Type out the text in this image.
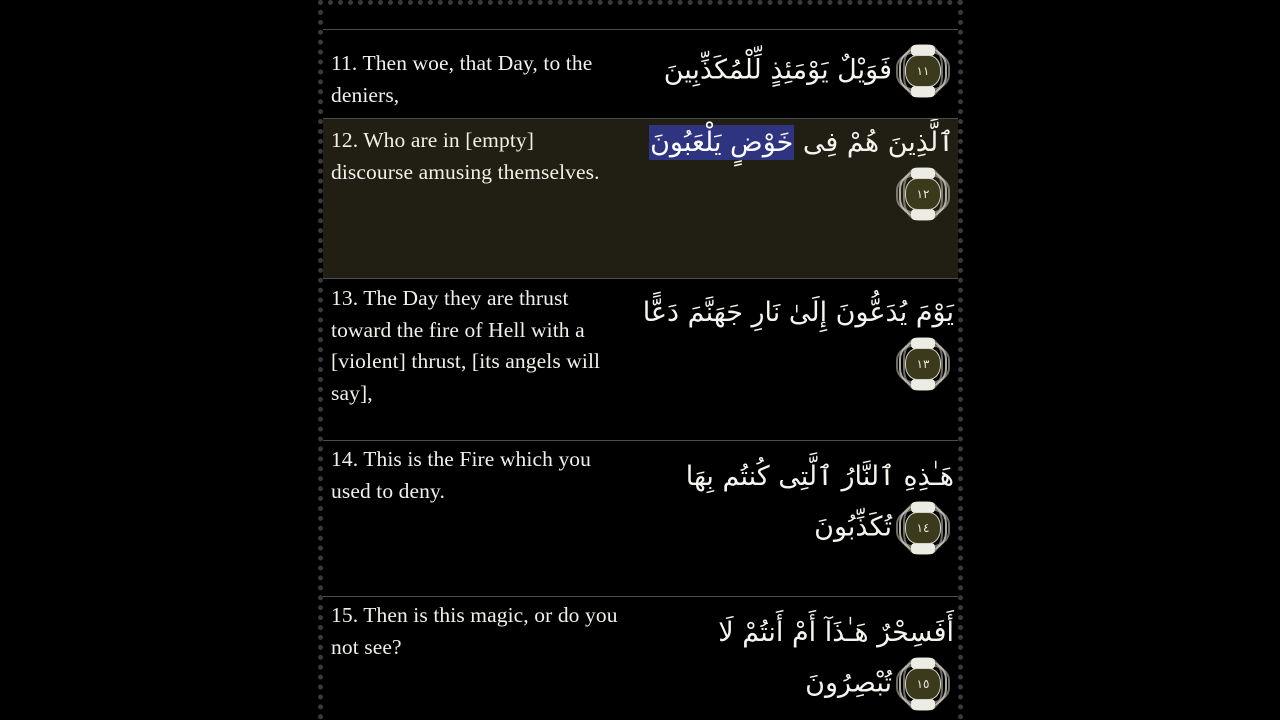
11. Then woe, that Day, to the deniers,
١١
فَوَيْلٌ يَوْمَئِذٍ لِّلْمُكَذِّبِينَ
12. Who are in [empty] discourse amusing themselves.
ٱلَّذِينَ هُمْ فِى خَوْضٍ يَلْعَبُونَ
١٢
13. The Day they are thrust toward the fire of Hell with a [violent] thrust, [its angels will say],
يَوْمَ يُدَعُّونَ إِلَىٰ نَارِ جَهَنَّمَ دَعًّا
١٣
14. This is the Fire which you used to deny.	هَـٰذِهِ ٱلنَّارُ ٱلَّتِى كُنتُم بِهَا
١٤
تُكَذِّبُونَ
15. Then is this magic, or do you not see?	أَفَسِحْرٌ هَـٰذَآ أَمْ أَنتُمْ لَا
١٥
تُبْصِرُونَ
